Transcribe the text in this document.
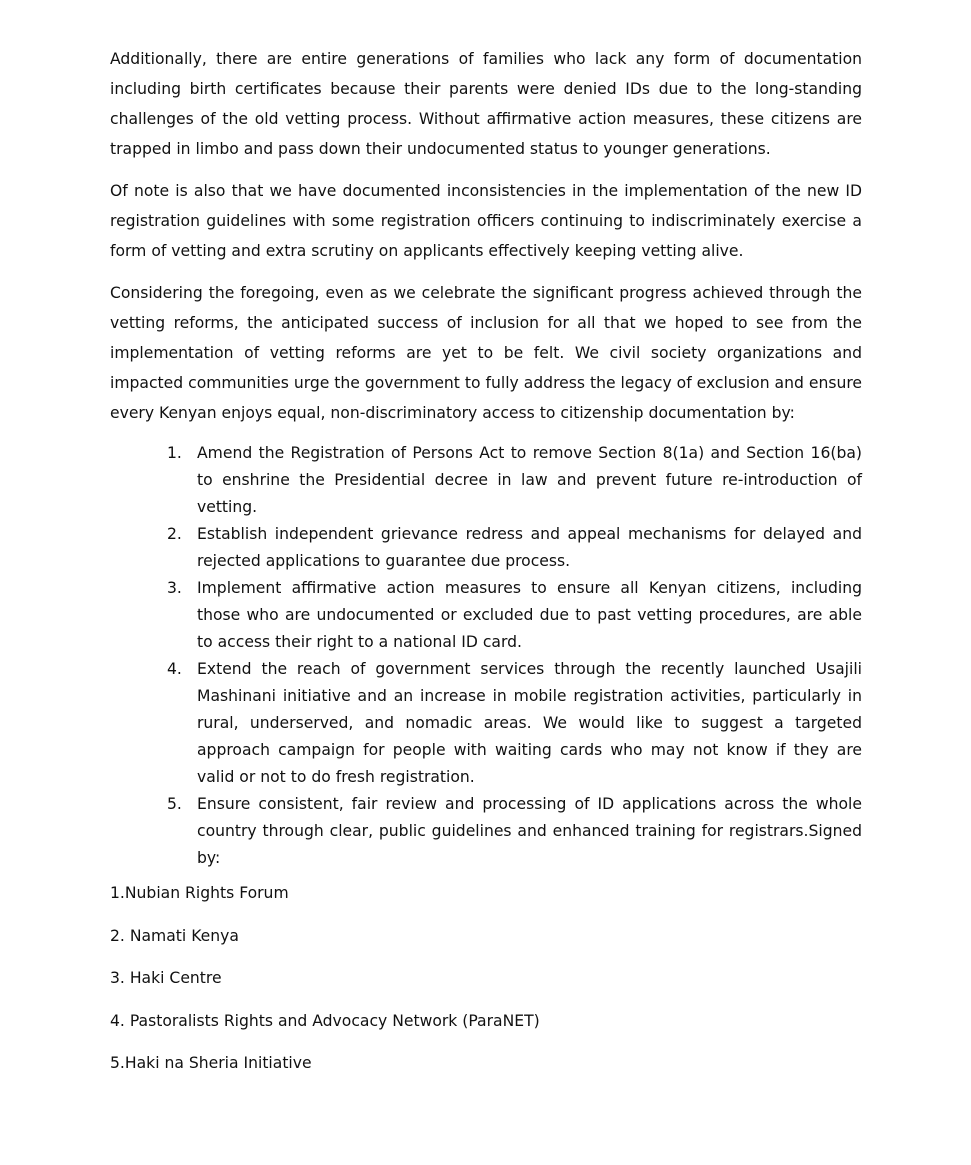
Additionally, there are entire generations of families who lack any form of documentation including birth certificates because their parents were denied IDs due to the long-standing challenges of the old vetting process. Without affirmative action measures, these citizens are trapped in limbo and pass down their undocumented status to younger generations.

Of note is also that we have documented inconsistencies in the implementation of the new ID registration guidelines with some registration officers continuing to indiscriminately exercise a form of vetting and extra scrutiny on applicants effectively keeping vetting alive.

Considering the foregoing, even as we celebrate the significant progress achieved through the vetting reforms, the anticipated success of inclusion for all that we hoped to see from the implementation of vetting reforms are yet to be felt. We civil society organizations and impacted communities urge the government to fully address the legacy of exclusion and ensure every Kenyan enjoys equal, non-discriminatory access to citizenship documentation by:

1. Amend the Registration of Persons Act to remove Section 8(1a) and Section 16(ba) to enshrine the Presidential decree in law and prevent future re-introduction of vetting.
2. Establish independent grievance redress and appeal mechanisms for delayed and rejected applications to guarantee due process.
3. Implement affirmative action measures to ensure all Kenyan citizens, including those who are undocumented or excluded due to past vetting procedures, are able to access their right to a national ID card.
4. Extend the reach of government services through the recently launched Usajili Mashinani initiative and an increase in mobile registration activities, particularly in rural, underserved, and nomadic areas. We would like to suggest a targeted approach campaign for people with waiting cards who may not know if they are valid or not to do fresh registration.
5. Ensure consistent, fair review and processing of ID applications across the whole country through clear, public guidelines and enhanced training for registrars.Signed by:
1.Nubian Rights Forum
2. Namati Kenya
3. Haki Centre
4. Pastoralists Rights and Advocacy Network (ParaNET)
5.Haki na Sheria Initiative
